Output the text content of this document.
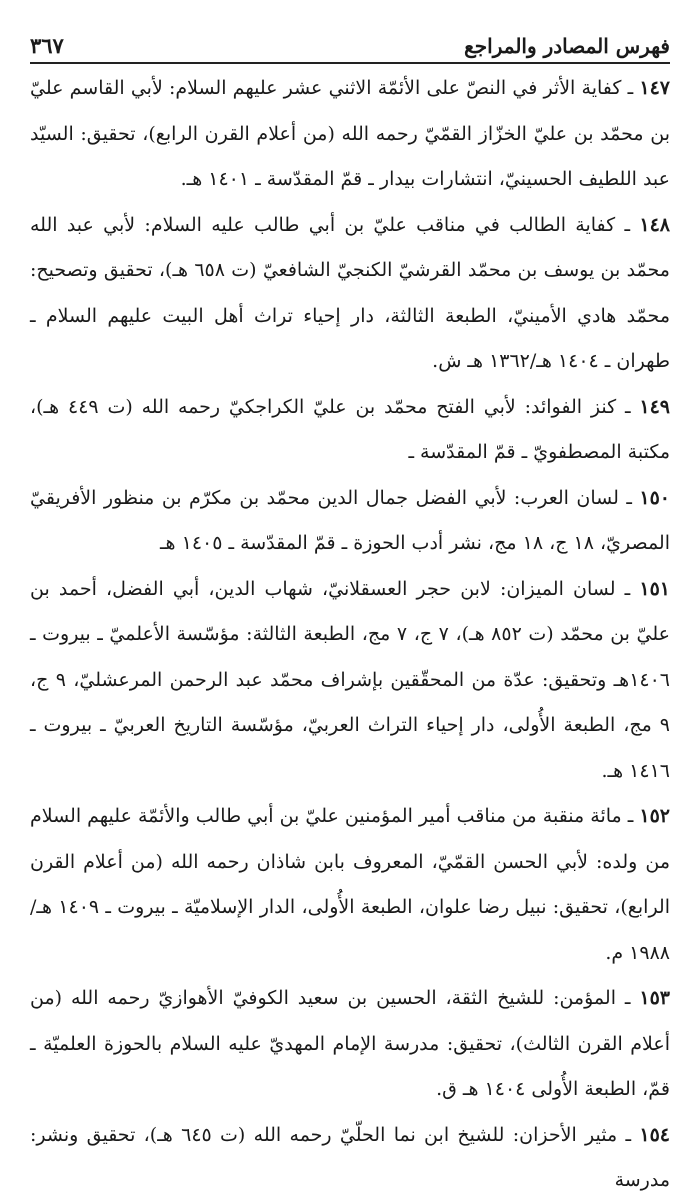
فهرس المصادر والمراجع
٣٦٧

١٤٧ ـ كفاية الأثر في النصّ على الأئمّة الاثني عشر عليهم السلام: لأبي القاسم عليّ بن محمّد بن عليّ الخزّاز القمّيّ رحمه الله (من أعلام القرن الرابع)، تحقيق: السيّد عبد اللطيف الحسينيّ، انتشارات بيدار ـ قمّ المقدّسة ـ ١٤٠١ هـ.

١٤٨ ـ كفاية الطالب في مناقب عليّ بن أبي طالب عليه السلام: لأبي عبد الله محمّد بن يوسف بن محمّد القرشيّ الكنجيّ الشافعيّ (ت ٦٥٨ هـ)، تحقيق وتصحيح: محمّد هادي الأمينيّ، الطبعة الثالثة، دار إحياء تراث أهل البيت عليهم السلام ـ طهران ـ ١٤٠٤ هـ/١٣٦٢ هـ ش.

١٤٩ ـ كنز الفوائد: لأبي الفتح محمّد بن عليّ الكراجكيّ رحمه الله (ت ٤٤٩ هـ)، مكتبة المصطفويّ ـ قمّ المقدّسة ـ

١٥٠ ـ لسان العرب: لأبي الفضل جمال الدين محمّد بن مكرّم بن منظور الأفريقيّ المصريّ، ١٨ ج، ١٨ مج، نشر أدب الحوزة ـ قمّ المقدّسة ـ ١٤٠٥ هـ

١٥١ ـ لسان الميزان: لابن حجر العسقلانيّ، شهاب الدين، أبي الفضل، أحمد بن عليّ بن محمّد (ت ٨٥٢ هـ)، ٧ ج، ٧ مج، الطبعة الثالثة: مؤسّسة الأعلميّ ـ بيروت ـ ١٤٠٦هـ وتحقيق: عدّة من المحقّقين بإشراف محمّد عبد الرحمن المرعشليّ، ٩ ج، ٩ مج، الطبعة الأُولى، دار إحياء التراث العربيّ، مؤسّسة التاريخ العربيّ ـ بيروت ـ ١٤١٦ هـ.

١٥٢ ـ مائة منقبة من مناقب أمير المؤمنين عليّ بن أبي طالب والأئمّة عليهم السلام من ولده: لأبي الحسن القمّيّ، المعروف بابن شاذان رحمه الله (من أعلام القرن الرابع)، تحقيق: نبيل رضا علوان، الطبعة الأُولى، الدار الإسلاميّة ـ بيروت ـ ١٤٠٩ هـ/١٩٨٨ م.

١٥٣ ـ المؤمن: للشيخ الثقة، الحسين بن سعيد الكوفيّ الأهوازيّ رحمه الله (من أعلام القرن الثالث)، تحقيق: مدرسة الإمام المهديّ عليه السلام بالحوزة العلميّة ـ قمّ، الطبعة الأُولى ١٤٠٤ هـ ق.

١٥٤ ـ مثير الأحزان: للشيخ ابن نما الحلّيّ رحمه الله (ت ٦٤٥ هـ)، تحقيق ونشر: مدرسة
